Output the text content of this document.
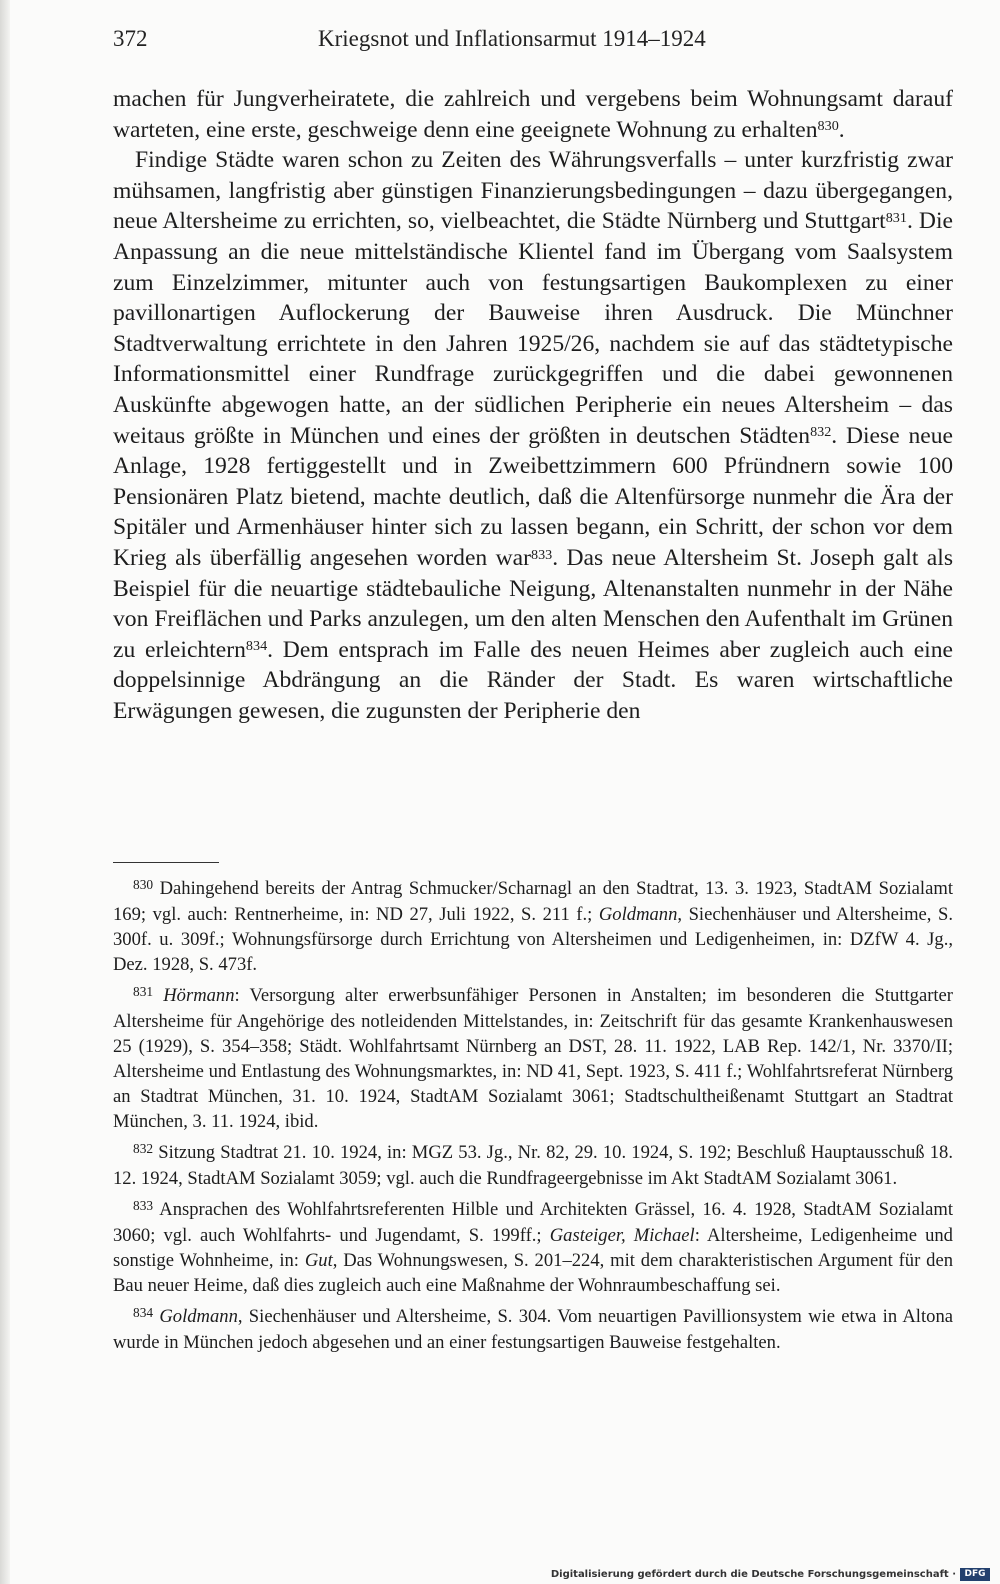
372	Kriegsnot und Inflationsarmut 1914–1924

machen für Jungverheiratete, die zahlreich und vergebens beim Wohnungsamt darauf warteten, eine erste, geschweige denn eine geeignete Wohnung zu erhalten$^{830}$.

Findige Städte waren schon zu Zeiten des Währungsverfalls – unter kurzfristig zwar mühsamen, langfristig aber günstigen Finanzierungsbedingungen – dazu übergegangen, neue Altersheime zu errichten, so, vielbeachtet, die Städte Nürnberg und Stuttgart$^{831}$. Die Anpassung an die neue mittelständische Klientel fand im Übergang vom Saalsystem zum Einzelzimmer, mitunter auch von festungsartigen Baukomplexen zu einer pavillonartigen Auflockerung der Bauweise ihren Ausdruck. Die Münchner Stadtverwaltung errichtete in den Jahren 1925/26, nachdem sie auf das städtetypische Informationsmittel einer Rundfrage zurückgegriffen und die dabei gewonnenen Auskünfte abgewogen hatte, an der südlichen Peripherie ein neues Altersheim – das weitaus größte in München und eines der größten in deutschen Städten$^{832}$. Diese neue Anlage, 1928 fertiggestellt und in Zweibettzimmern 600 Pfründnern sowie 100 Pensionären Platz bietend, machte deutlich, daß die Altenfürsorge nunmehr die Ära der Spitäler und Armenhäuser hinter sich zu lassen begann, ein Schritt, der schon vor dem Krieg als überfällig angesehen worden war$^{833}$. Das neue Altersheim St. Joseph galt als Beispiel für die neuartige städtebauliche Neigung, Altenanstalten nunmehr in der Nähe von Freiflächen und Parks anzulegen, um den alten Menschen den Aufenthalt im Grünen zu erleichtern$^{834}$. Dem entsprach im Falle des neuen Heimes aber zugleich auch eine doppelsinnige Abdrängung an die Ränder der Stadt. Es waren wirtschaftliche Erwägungen gewesen, die zugunsten der Peripherie den

$^{830}$ Dahingehend bereits der Antrag Schmucker/Scharnagl an den Stadtrat, 13. 3. 1923, StadtAM Sozialamt 169; vgl. auch: Rentnerheime, in: ND 27, Juli 1922, S. 211 f.; Goldmann, Siechenhäuser und Altersheime, S. 300f. u. 309f.; Wohnungsfürsorge durch Errichtung von Altersheimen und Ledigenheimen, in: DZfW 4. Jg., Dez. 1928, S. 473f.

$^{831}$ Hörmann: Versorgung alter erwerbsunfähiger Personen in Anstalten; im besonderen die Stuttgarter Altersheime für Angehörige des notleidenden Mittelstandes, in: Zeitschrift für das gesamte Krankenhauswesen 25 (1929), S. 354–358; Städt. Wohlfahrtsamt Nürnberg an DST, 28. 11. 1922, LAB Rep. 142/1, Nr. 3370/II; Altersheime und Entlastung des Wohnungsmarktes, in: ND 41, Sept. 1923, S. 411 f.; Wohlfahrtsreferat Nürnberg an Stadtrat München, 31. 10. 1924, StadtAM Sozialamt 3061; Stadtschultheißenamt Stuttgart an Stadtrat München, 3. 11. 1924, ibid.

$^{832}$ Sitzung Stadtrat 21. 10. 1924, in: MGZ 53. Jg., Nr. 82, 29. 10. 1924, S. 192; Beschluß Hauptausschuß 18. 12. 1924, StadtAM Sozialamt 3059; vgl. auch die Rundfrageergebnisse im Akt StadtAM Sozialamt 3061.

$^{833}$ Ansprachen des Wohlfahrtsreferenten Hilble und Architekten Grässel, 16. 4. 1928, StadtAM Sozialamt 3060; vgl. auch Wohlfahrts- und Jugendamt, S. 199ff.; Gasteiger, Michael: Altersheime, Ledigenheime und sonstige Wohnheime, in: Gut, Das Wohnungswesen, S. 201–224, mit dem charakteristischen Argument für den Bau neuer Heime, daß dies zugleich auch eine Maßnahme der Wohnraumbeschaffung sei.

$^{834}$ Goldmann, Siechenhäuser und Altersheime, S. 304. Vom neuartigen Pavillionsystem wie etwa in Altona wurde in München jedoch abgesehen und an einer festungsartigen Bauweise festgehalten.

Digitalisierung gefördert durch die Deutsche Forschungsgemeinschaft · DFG
